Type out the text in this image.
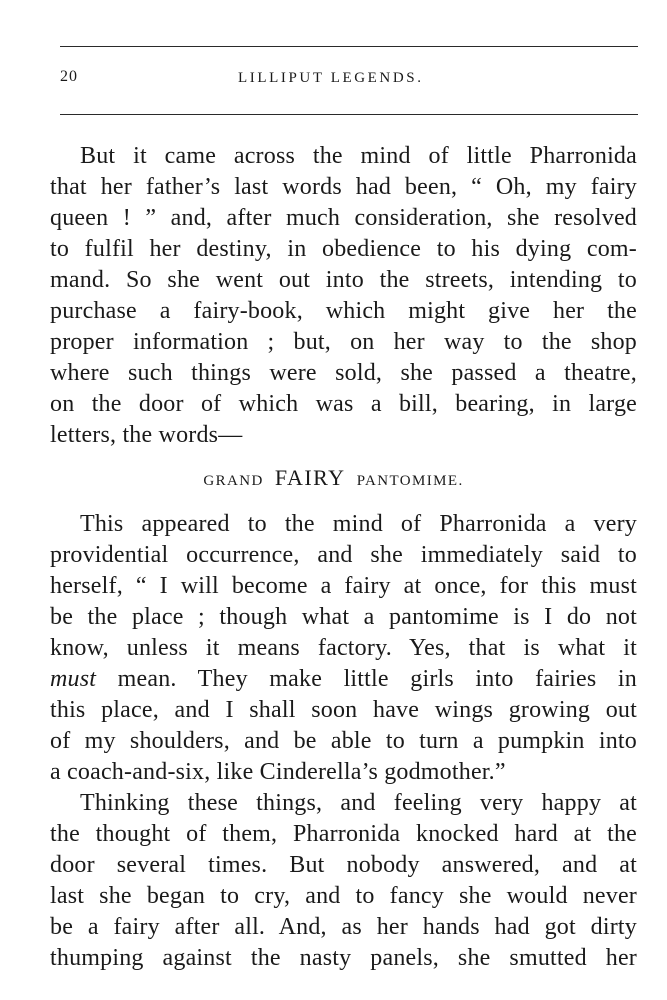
20	LILLIPUT LEGENDS.
But it came across the mind of little Pharronida
that her father’s last words had been, “ Oh, my fairy
queen ! ” and, after much consideration, she resolved
to fulfil her destiny, in obedience to his dying com-
mand. So she went out into the streets, intending to
purchase a fairy-book, which might give her the
proper information ; but, on her way to the shop
where such things were sold, she passed a theatre,
on the door of which was a bill, bearing, in large
letters, the words—
GRAND FAIRY PANTOMIME.
This appeared to the mind of Pharronida a very
providential occurrence, and she immediately said to
herself, “ I will become a fairy at once, for this must
be the place ; though what a pantomime is I do not
know, unless it means factory. Yes, that is what it
must mean. They make little girls into fairies in
this place, and I shall soon have wings growing out
of my shoulders, and be able to turn a pumpkin into
a coach-and-six, like Cinderella’s godmother.”
Thinking these things, and feeling very happy at
the thought of them, Pharronida knocked hard at the
door several times. But nobody answered, and at
last she began to cry, and to fancy she would never
be a fairy after all. And, as her hands had got dirty
thumping against the nasty panels, she smutted her
